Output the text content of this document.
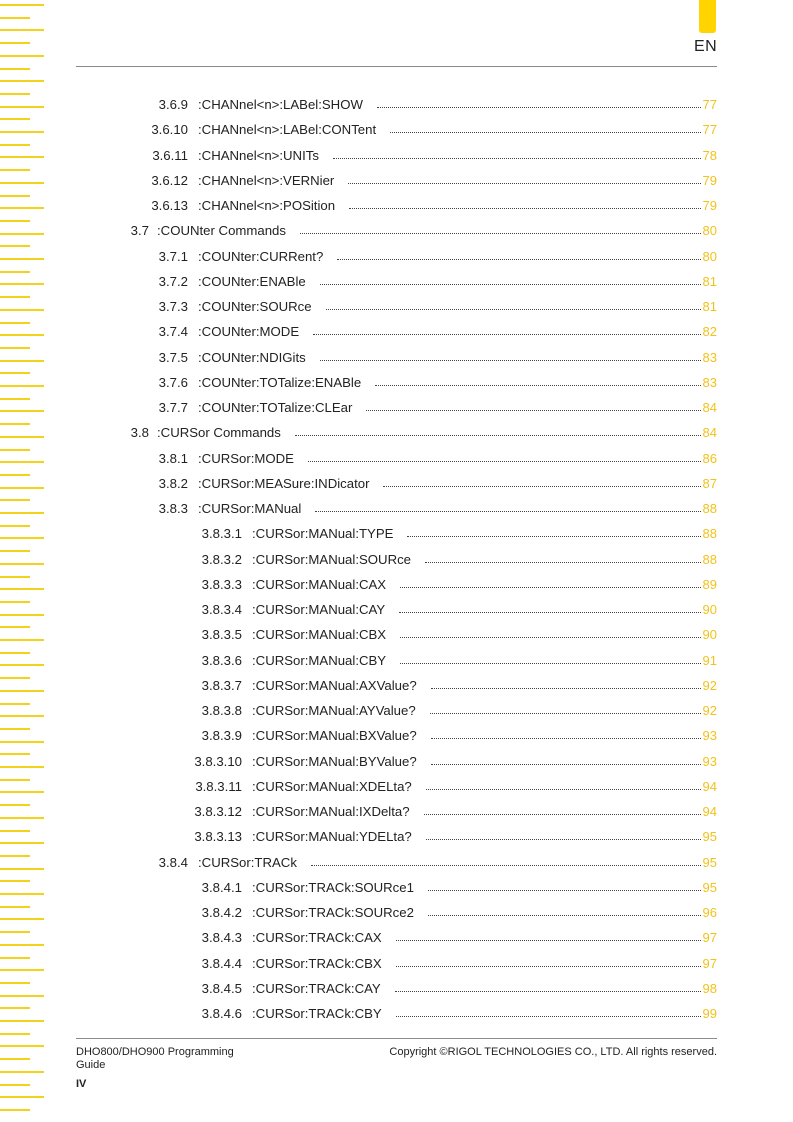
EN
3.6.9 :CHANnel<n>:LABel:SHOW	77
3.6.10 :CHANnel<n>:LABel:CONTent	77
3.6.11 :CHANnel<n>:UNITs	78
3.6.12 :CHANnel<n>:VERNier	79
3.6.13 :CHANnel<n>:POSition	79
3.7 :COUNter Commands	80
3.7.1 :COUNter:CURRent?	80
3.7.2 :COUNter:ENABle	81
3.7.3 :COUNter:SOURce	81
3.7.4 :COUNter:MODE	82
3.7.5 :COUNter:NDIGits	83
3.7.6 :COUNter:TOTalize:ENABle	83
3.7.7 :COUNter:TOTalize:CLEar	84
3.8 :CURSor Commands	84
3.8.1 :CURSor:MODE	86
3.8.2 :CURSor:MEASure:INDicator	87
3.8.3 :CURSor:MANual	88
3.8.3.1 :CURSor:MANual:TYPE	88
3.8.3.2 :CURSor:MANual:SOURce	88
3.8.3.3 :CURSor:MANual:CAX	89
3.8.3.4 :CURSor:MANual:CAY	90
3.8.3.5 :CURSor:MANual:CBX	90
3.8.3.6 :CURSor:MANual:CBY	91
3.8.3.7 :CURSor:MANual:AXValue?	92
3.8.3.8 :CURSor:MANual:AYValue?	92
3.8.3.9 :CURSor:MANual:BXValue?	93
3.8.3.10 :CURSor:MANual:BYValue?	93
3.8.3.11 :CURSor:MANual:XDELta?	94
3.8.3.12 :CURSor:MANual:IXDelta?	94
3.8.3.13 :CURSor:MANual:YDELta?	95
3.8.4 :CURSor:TRACk	95
3.8.4.1 :CURSor:TRACk:SOURce1	95
3.8.4.2 :CURSor:TRACk:SOURce2	96
3.8.4.3 :CURSor:TRACk:CAX	97
3.8.4.4 :CURSor:TRACk:CBX	97
3.8.4.5 :CURSor:TRACk:CAY	98
3.8.4.6 :CURSor:TRACk:CBY	99
DHO800/DHO900 Programming
Guide
Copyright ©RIGOL TECHNOLOGIES CO., LTD. All rights reserved.
IV
